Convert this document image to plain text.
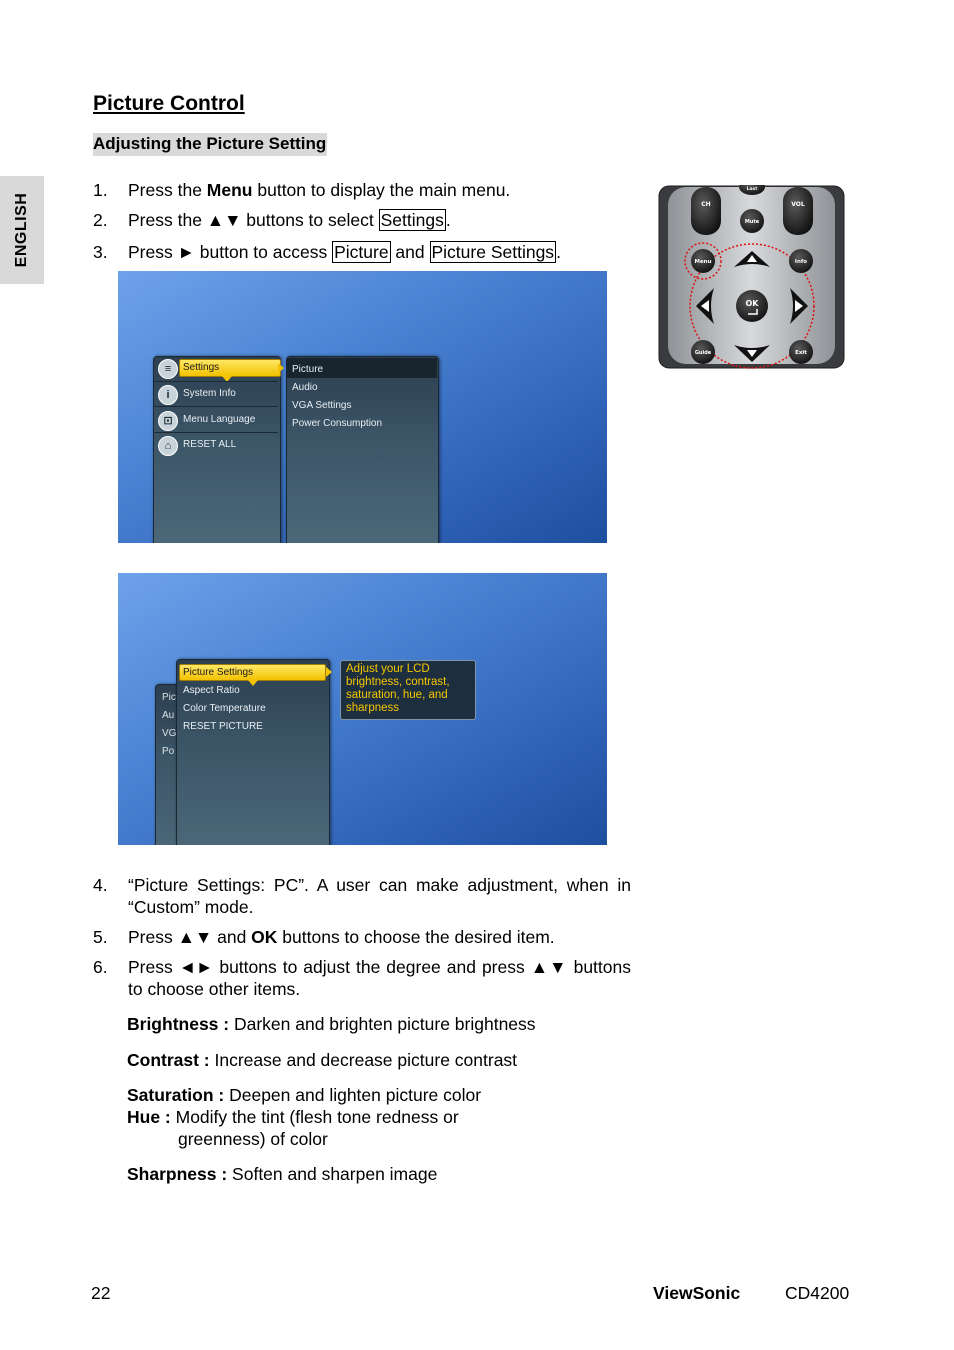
ENGLISH
Picture Control
Adjusting the Picture Setting
1. Press the Menu button to display the main menu.
2. Press the ▲▼ buttons to select Settings .
3. Press ► button to access Picture and Picture Settings .
CH	VOL
Last
Mute
Menu	Info
OK
Guide	Exit
Settings
≡
i	System Info
⊡	Menu Language
⌂	RESET ALL
Picture
Audio
VGA Settings
Power Consumption
Pic
Au
VG
Po
Picture Settings
Aspect Ratio
Color Temperature
RESET PICTURE
Adjust your LCD brightness, contrast, saturation, hue, and sharpness
4. “Picture Settings: PC”. A user can make adjustment, when in “Custom” mode.
5. Press ▲▼ and OK buttons to choose the desired item.
6. Press ◄► buttons to adjust the degree and press ▲▼ buttons to choose other items.
Brightness : Darken and brighten picture brightness
Contrast : Increase and decrease picture contrast
Saturation : Deepen and lighten picture color
Hue : Modify the tint (flesh tone redness or
greenness) of color
Sharpness : Soften and sharpen image
22	ViewSonic	CD4200
